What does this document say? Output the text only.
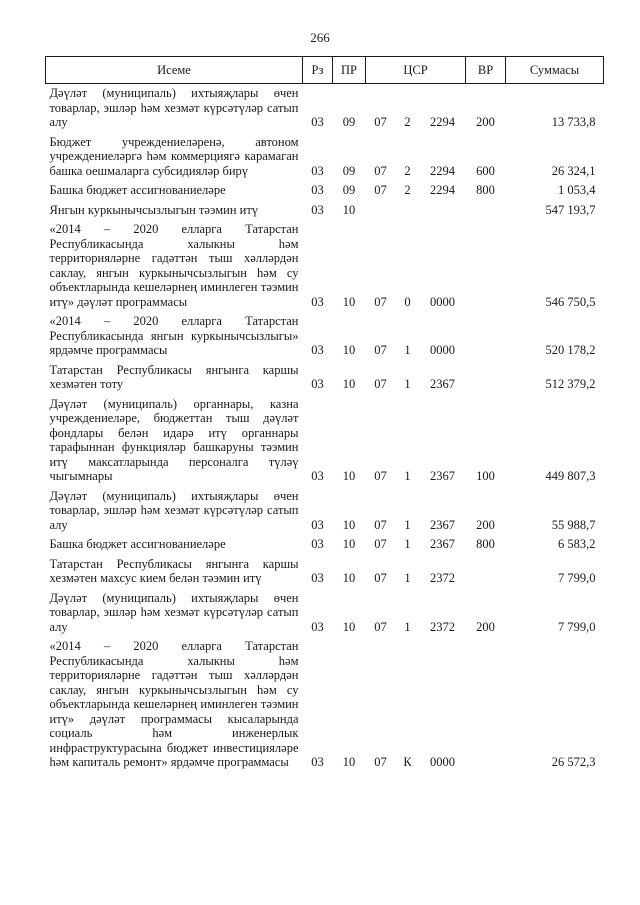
266
Исеме	Рз	ПР	ЦСР			ВР	Суммасы
Дәүләт (муниципаль) ихтыяҗлары өчен товарлар, эшләр һәм хезмәт күрсәтүләр сатып алу	03	09	07	2	2294	200	13 733,8
Бюджет учреждениеләренә, автоном учреждениеләргә һәм коммерциягә карамаган башка оешмаларга субсидияләр бирү	03	09	07	2	2294	600	26 324,1
Башка бюджет ассигнованиеләре	03	09	07	2	2294	800	1 053,4
Янгын куркынычсызлыгын тәэмин итү	03	10					547 193,7
«2014 – 2020 елларга Татарстан Республикасында халыкны һәм территорияләрне гадәттән тыш хәлләрдән саклау, янгын куркынычсызлыгын һәм су объектларында кешеләрнең иминлеген тәэмин итү» дәүләт программасы	03	10	07	0	0000		546 750,5
«2014 – 2020 елларга Татарстан Республикасында янгын куркынычсызлыгы» ярдәмче программасы	03	10	07	1	0000		520 178,2
Татарстан Республикасы янгынга каршы хезмәтен тоту	03	10	07	1	2367		512 379,2
Дәүләт (муниципаль) органнары, казна учреждениеләре, бюджеттан тыш дәүләт фондлары белән идарә итү органнары тарафыннан функцияләр башкаруны тәэмин итү максатларында персоналга түләү чыгымнары	03	10	07	1	2367	100	449 807,3
Дәүләт (муниципаль) ихтыяҗлары өчен товарлар, эшләр һәм хезмәт күрсәтүләр сатып алу	03	10	07	1	2367	200	55 988,7
Башка бюджет ассигнованиеләре	03	10	07	1	2367	800	6 583,2
Татарстан Республикасы янгынга каршы хезмәтен махсус кием белән тәэмин итү	03	10	07	1	2372		7 799,0
Дәүләт (муниципаль) ихтыяҗлары өчен товарлар, эшләр һәм хезмәт күрсәтүләр сатып алу	03	10	07	1	2372	200	7 799,0
«2014 – 2020 елларга Татарстан Республикасында халыкны һәм территорияләрне гадәттән тыш хәлләрдән саклау, янгын куркынычсызлыгын һәм су объектларында кешеләрнең иминлеген тәэмин итү» дәүләт программасы кысаларында социаль һәм инженерлык инфраструктурасына бюджет инвестицияләре һәм капиталь ремонт» ярдәмче программасы	03	10	07	К	0000		26 572,3
